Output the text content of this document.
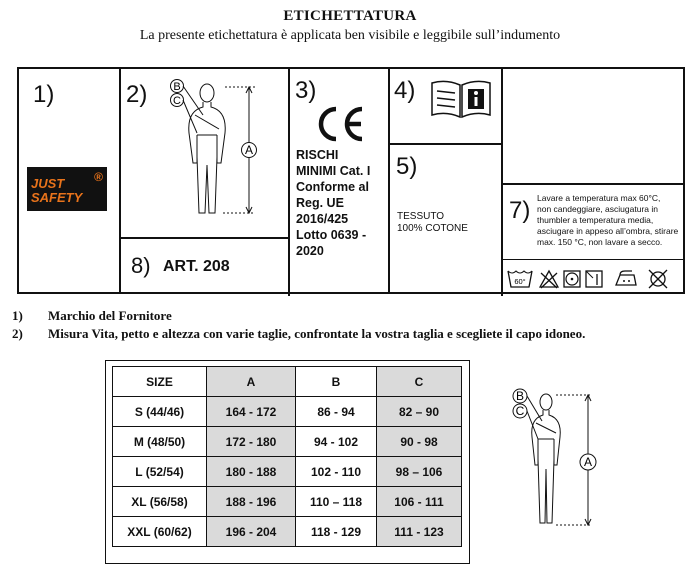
ETICHETTATURA
La presente etichettatura è applicata ben visibile e leggibile sull’indumento
1)
®
JUST
SAFETY
2) B
C
A
8) ART. 208
3)
RISCHI
MINIMI Cat. I
Conforme al
Reg. UE
2016/425
Lotto 0639 -
2020
4)
5)
TESSUTO
100% COTONE
7) Lavare a temperatura max 60°C,
non candeggiare, asciugatura in
thumbler a temperatura media,
asciugare in appeso all’ombra, stirare
max. 150 °C, non lavare a secco.
60°
1) Marchio del Fornitore
2) Misura Vita, petto e altezza con varie taglie, confrontate la vostra taglia e scegliete il capo idoneo.
SIZE	A	B	C
S (44/46)	164 - 172	86 - 94	82 – 90
M (48/50)	172 - 180	94 - 102	90 - 98
L (52/54)	180 - 188	102 - 110	98 – 106
XL (56/58)	188 - 196	110 – 118	106 - 111
XXL (60/62)	196 - 204	118 - 129	111 - 123
B
C
A
